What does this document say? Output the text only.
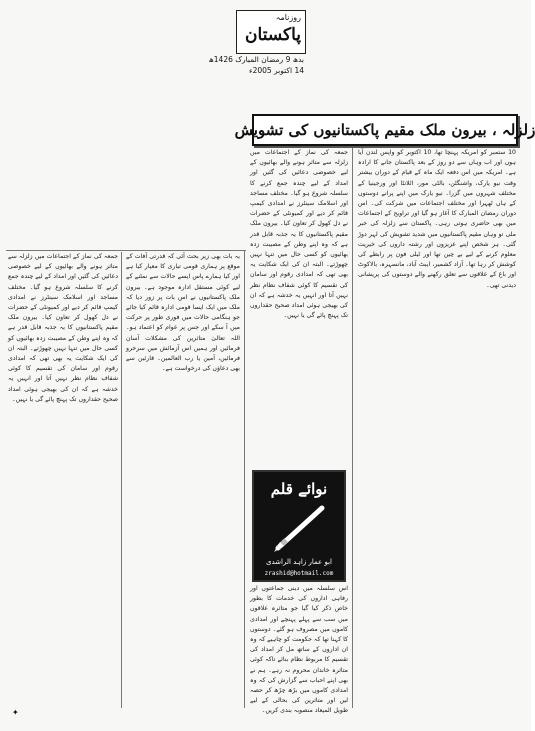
روزنامہ
پاکستان
بدھ 9 رمضان المبارک 1426ھ
14 اکتوبر 2005ء
زلزلہ ، بیرون ملک مقیم پاکستانیوں کی تشویش

10 ستمبر کو امریکہ پہنچا تھا، 10 اکتوبر کو واپس لندن آیا ہوں اور اب وہاں سے دو روز کے بعد پاکستان جانے کا ارادہ ہے۔ امریکہ میں اس دفعہ ایک ماہ کے قیام کے دوران بیشتر وقت نیو یارک، واشنگٹن، بالٹی مور، اٹلانٹا اور ورجینیا کے مختلف شہروں میں گزرا۔ نیو یارک میں اپنے پرانے دوستوں کے ہاں ٹھہرا اور مختلف اجتماعات میں شرکت کی۔ اس دوران رمضان المبارک کا آغاز ہو گیا اور تراویح کے اجتماعات میں بھی حاضری ہوتی رہی۔ پاکستان سے زلزلہ کی خبر ملی تو وہاں مقیم پاکستانیوں میں شدید تشویش کی لہر دوڑ گئی۔ ہر شخص اپنے عزیزوں اور رشتہ داروں کی خیریت معلوم کرنے کے لیے بے چین تھا اور ٹیلی فون پر رابطے کی کوشش کر رہا تھا۔ آزاد کشمیر، ایبٹ آباد، مانسہرہ، بالاکوٹ اور باغ کے علاقوں سے تعلق رکھنے والے دوستوں کی پریشانی دیدنی تھی۔

جمعہ کی نماز کے اجتماعات میں زلزلہ سے متاثر ہونے والے بھائیوں کے لیے خصوصی دعائیں کی گئیں اور امداد کے لیے چندہ جمع کرنے کا سلسلہ شروع ہو گیا۔ مختلف مساجد اور اسلامک سینٹرز نے امدادی کیمپ قائم کر دیے اور کمیونٹی کے حضرات نے دل کھول کر تعاون کیا۔ بیرون ملک مقیم پاکستانیوں کا یہ جذبہ قابل قدر ہے کہ وہ اپنے وطن کے مصیبت زدہ بھائیوں کو کسی حال میں تنہا نہیں چھوڑتے۔ البتہ ان کی ایک شکایت یہ بھی تھی کہ امدادی رقوم اور سامان کی تقسیم کا کوئی شفاف نظام نظر نہیں آتا اور انہیں یہ خدشہ ہے کہ ان کی بھیجی ہوئی امداد صحیح حقداروں تک پہنچ پائے گی یا نہیں۔

نوائے قلم
ابو عمار زاہد الراشدی
zrashid@hotmail.com

اس سلسلہ میں دینی جماعتوں اور رفاہی اداروں کی خدمات کا بطور خاص ذکر کیا گیا جو متاثرہ علاقوں میں سب سے پہلے پہنچے اور امدادی کاموں میں مصروف ہو گئے۔ دوستوں کا کہنا تھا کہ حکومت کو چاہیے کہ وہ ان اداروں کے ساتھ مل کر امداد کی تقسیم کا مربوط نظام بنائے تاکہ کوئی متاثرہ خاندان محروم نہ رہے۔ ہم نے بھی اپنے احباب سے گزارش کی کہ وہ امدادی کاموں میں بڑھ چڑھ کر حصہ لیں اور متاثرین کی بحالی کے لیے طویل المیعاد منصوبہ بندی کریں۔

یہ بات بھی زیر بحث آئی کہ قدرتی آفات کے موقع پر ہماری قومی تیاری کا معیار کیا ہے اور کیا ہمارے پاس ایسے حالات سے نمٹنے کے لیے کوئی مستقل ادارہ موجود ہے۔ بیرون ملک پاکستانیوں نے اس بات پر زور دیا کہ ملک میں ایک ایسا قومی ادارہ قائم کیا جائے جو ہنگامی حالات میں فوری طور پر حرکت میں آ سکے اور جس پر عوام کو اعتماد ہو۔ اللہ تعالیٰ متاثرین کی مشکلات آسان فرمائیں اور ہمیں اس آزمائش میں سرخرو فرمائیں، آمین یا رب العالمین۔ قارئین سے بھی دعاؤں کی درخواست ہے۔

جمعہ کی نماز کے اجتماعات میں زلزلہ سے متاثر ہونے والے بھائیوں کے لیے خصوصی دعائیں کی گئیں اور امداد کے لیے چندہ جمع کرنے کا سلسلہ شروع ہو گیا۔ مختلف مساجد اور اسلامک سینٹرز نے امدادی کیمپ قائم کر دیے اور کمیونٹی کے حضرات نے دل کھول کر تعاون کیا۔ بیرون ملک مقیم پاکستانیوں کا یہ جذبہ قابل قدر ہے کہ وہ اپنے وطن کے مصیبت زدہ بھائیوں کو کسی حال میں تنہا نہیں چھوڑتے۔ البتہ ان کی ایک شکایت یہ بھی تھی کہ امدادی رقوم اور سامان کی تقسیم کا کوئی شفاف نظام نظر نہیں آتا اور انہیں یہ خدشہ ہے کہ ان کی بھیجی ہوئی امداد صحیح حقداروں تک پہنچ پائے گی یا نہیں۔

✦
